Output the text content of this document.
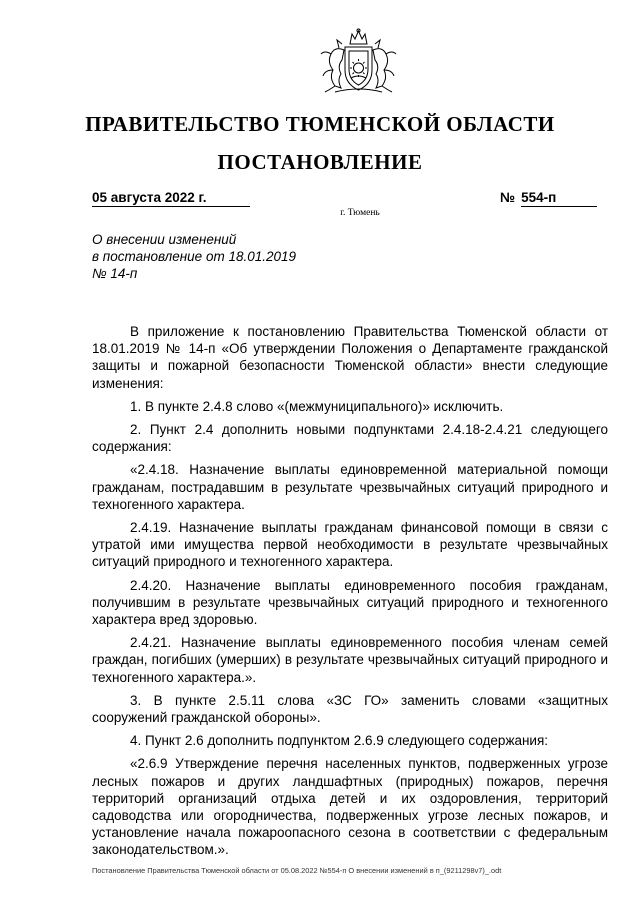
ПРАВИТЕЛЬСТВО ТЮМЕНСКОЙ ОБЛАСТИ
ПОСТАНОВЛЕНИЕ
05 августа 2022 г.	№ 554-п
г. Тюмень
О внесении изменений
в постановление от 18.01.2019
№ 14-п

В приложение к постановлению Правительства Тюменской области от 18.01.2019 № 14-п «Об утверждении Положения о Департаменте гражданской защиты и пожарной безопасности Тюменской области» внести следующие изменения:

1. В пункте 2.4.8 слово «(межмуниципального)» исключить.

2. Пункт 2.4 дополнить новыми подпунктами 2.4.18-2.4.21 следующего содержания:

«2.4.18. Назначение выплаты единовременной материальной помощи гражданам, пострадавшим в результате чрезвычайных ситуаций природного и техногенного характера.

2.4.19. Назначение выплаты гражданам финансовой помощи в связи с утратой ими имущества первой необходимости в результате чрезвычайных ситуаций природного и техногенного характера.

2.4.20. Назначение выплаты единовременного пособия гражданам, получившим в результате чрезвычайных ситуаций природного и техногенного характера вред здоровью.

2.4.21. Назначение выплаты единовременного пособия членам семей граждан, погибших (умерших) в результате чрезвычайных ситуаций природного и техногенного характера.».

3. В пункте 2.5.11 слова «ЗС ГО» заменить словами «защитных сооружений гражданской обороны».

4. Пункт 2.6 дополнить подпунктом 2.6.9 следующего содержания:

«2.6.9 Утверждение перечня населенных пунктов, подверженных угрозе лесных пожаров и других ландшафтных (природных) пожаров, перечня территорий организаций отдыха детей и их оздоровления, территорий садоводства или огородничества, подверженных угрозе лесных пожаров, и установление начала пожароопасного сезона в соответствии с федеральным законодательством.».

Постановление Правительства Тюменской области от 05.08.2022 №554-п О внесении изменений в п_(9211298v7)_.odt
